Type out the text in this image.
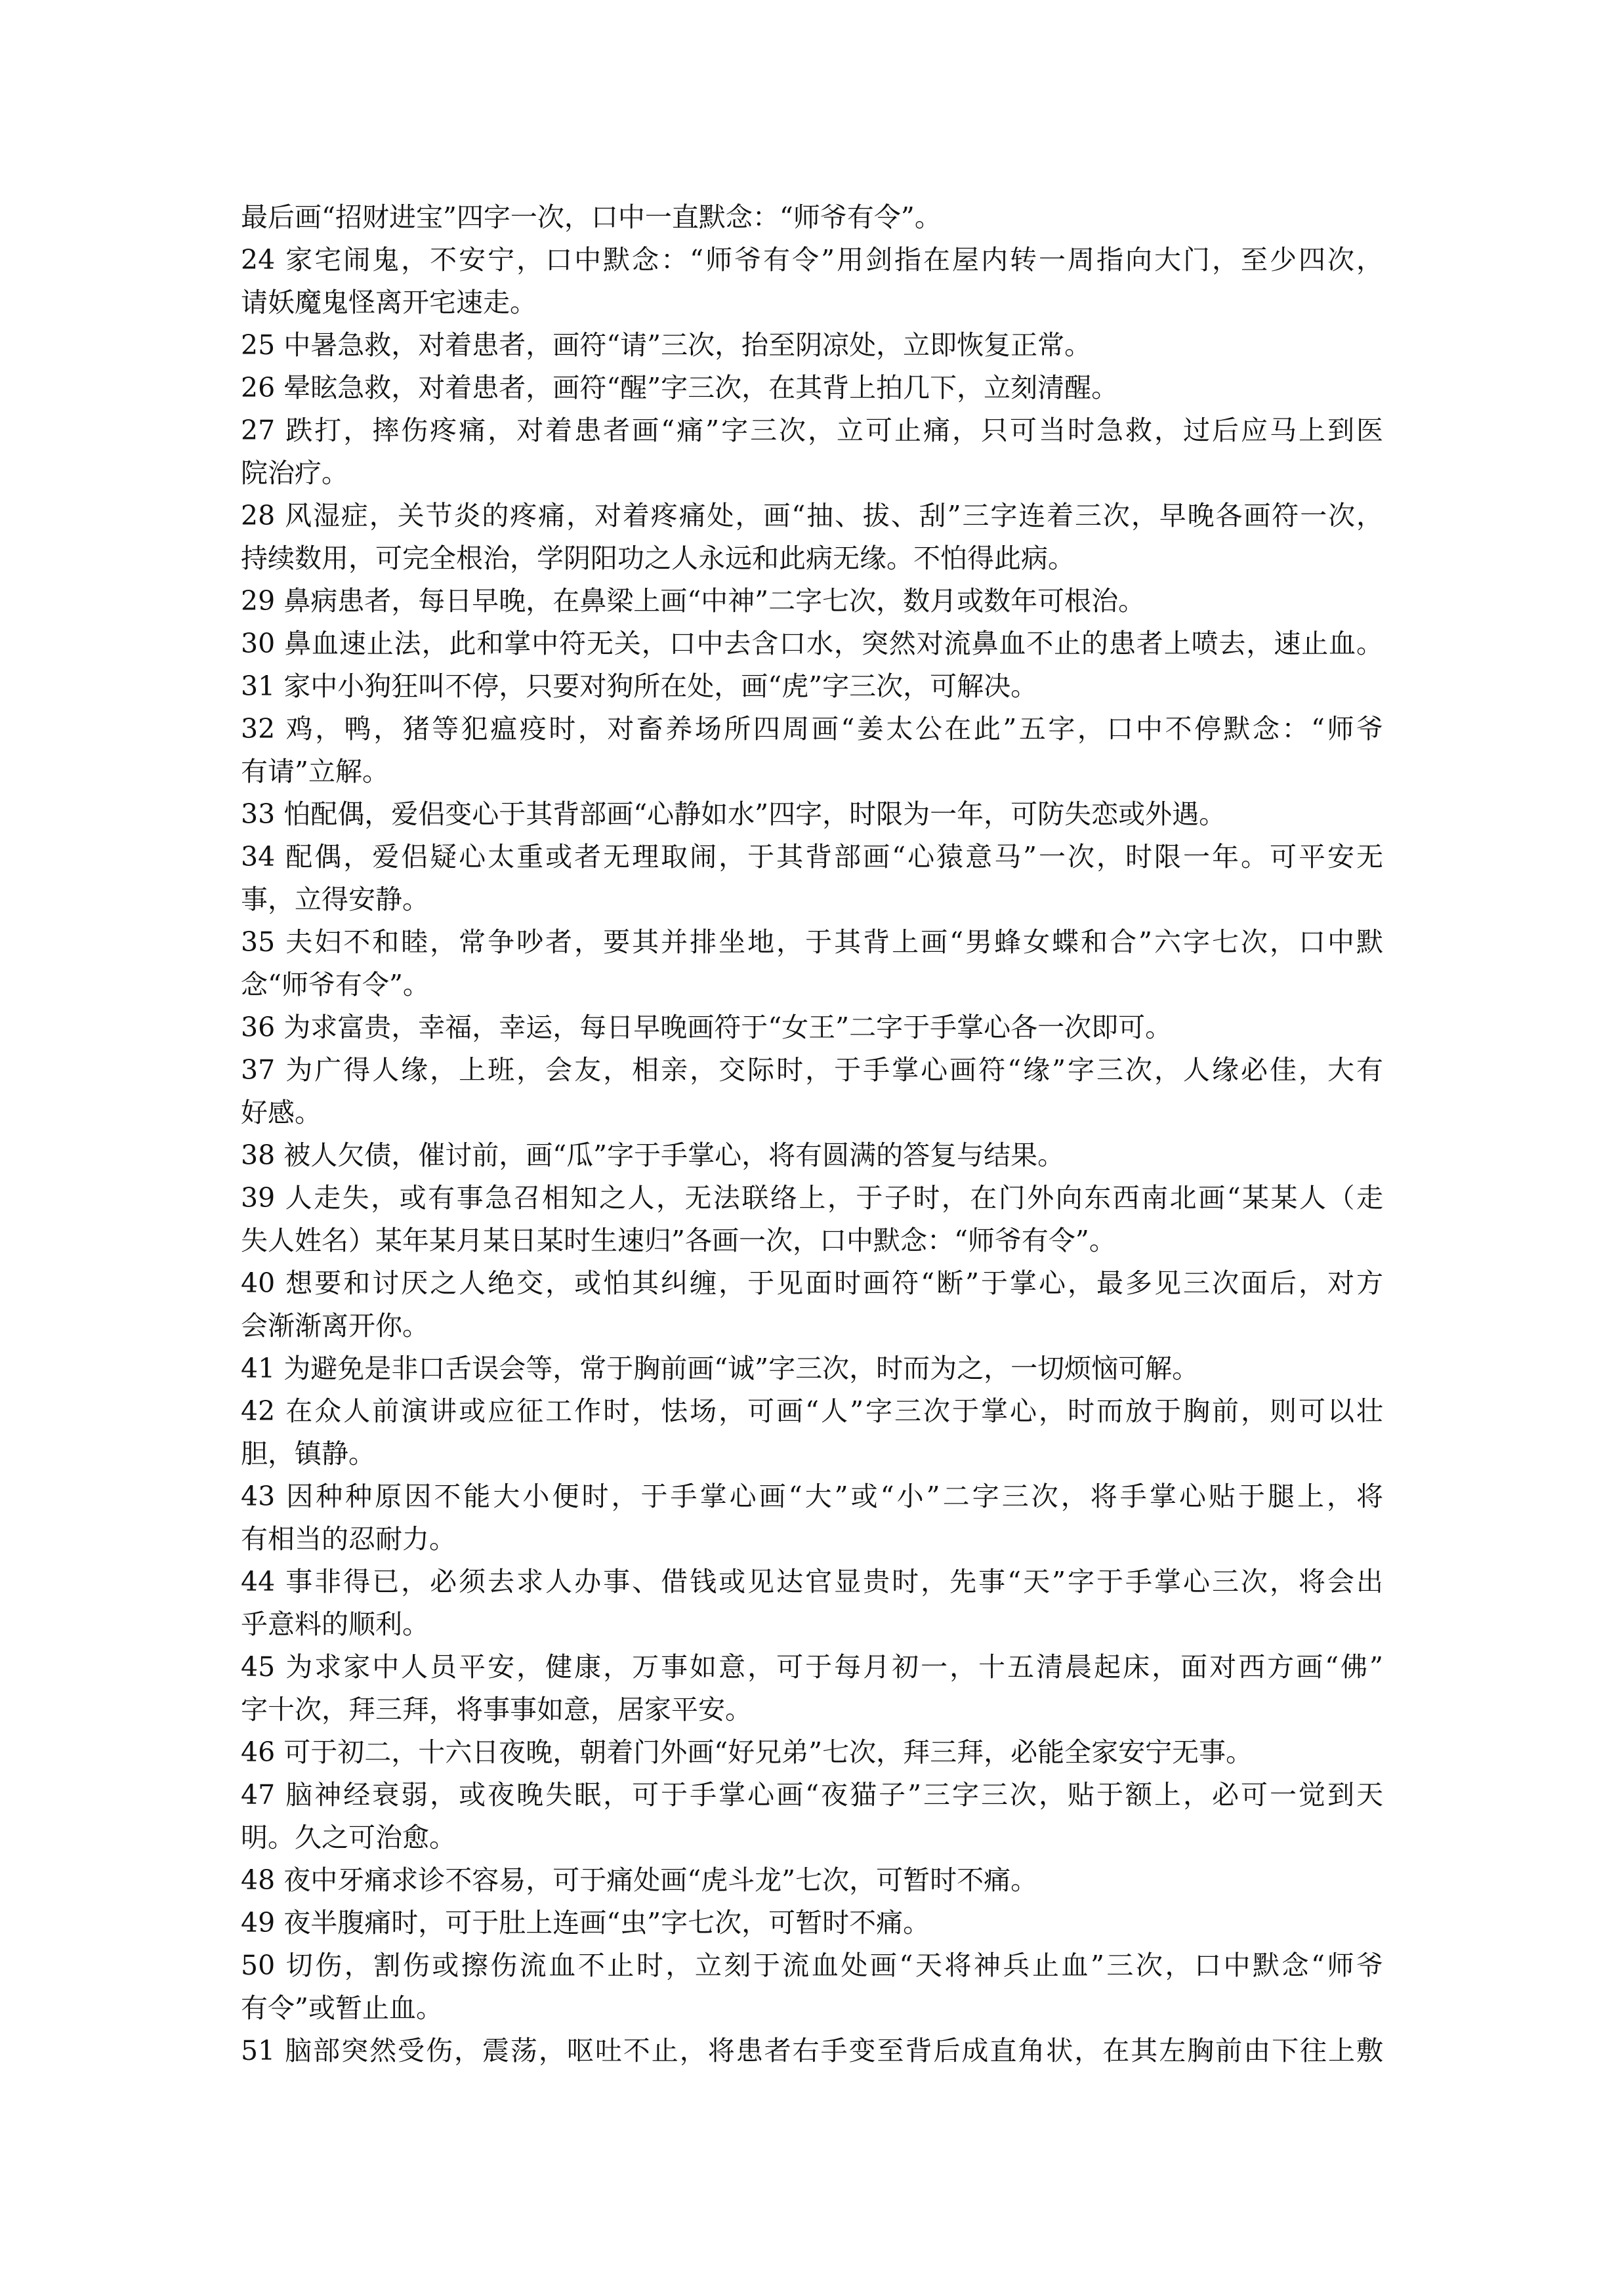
最后画“招财进宝”四字一次，口中一直默念：“师爷有令”。
24 家宅闹鬼，不安宁，口中默念：“师爷有令”用剑指在屋内转一周指向大门，至少四次，
请妖魔鬼怪离开宅速走。
25 中暑急救，对着患者，画符“请”三次，抬至阴凉处，立即恢复正常。
26 晕眩急救，对着患者，画符“醒”字三次，在其背上拍几下，立刻清醒。
27 跌打，摔伤疼痛，对着患者画“痛”字三次，立可止痛，只可当时急救，过后应马上到医
院治疗。
28 风湿症，关节炎的疼痛，对着疼痛处，画“抽、拔、刮”三字连着三次，早晚各画符一次，
持续数用，可完全根治，学阴阳功之人永远和此病无缘。不怕得此病。
29 鼻病患者，每日早晚，在鼻梁上画“中神”二字七次，数月或数年可根治。
30 鼻血速止法，此和掌中符无关，口中去含口水，突然对流鼻血不止的患者上喷去，速止血。
31 家中小狗狂叫不停，只要对狗所在处，画“虎”字三次，可解决。
32 鸡，鸭，猪等犯瘟疫时，对畜养场所四周画“姜太公在此”五字，口中不停默念：“师爷
有请”立解。
33 怕配偶，爱侣变心于其背部画“心静如水”四字，时限为一年，可防失恋或外遇。
34 配偶，爱侣疑心太重或者无理取闹，于其背部画“心猿意马”一次，时限一年。可平安无
事，立得安静。
35 夫妇不和睦，常争吵者，要其并排坐地，于其背上画“男蜂女蝶和合”六字七次，口中默
念“师爷有令”。
36 为求富贵，幸福，幸运，每日早晚画符于“女王”二字于手掌心各一次即可。
37 为广得人缘，上班，会友，相亲，交际时，于手掌心画符“缘”字三次，人缘必佳，大有
好感。
38 被人欠债，催讨前，画“瓜”字于手掌心，将有圆满的答复与结果。
39 人走失，或有事急召相知之人，无法联络上，于子时，在门外向东西南北画“某某人（走
失人姓名）某年某月某日某时生速归”各画一次，口中默念：“师爷有令”。
40 想要和讨厌之人绝交，或怕其纠缠，于见面时画符“断”于掌心，最多见三次面后，对方
会渐渐离开你。
41 为避免是非口舌误会等，常于胸前画“诚”字三次，时而为之，一切烦恼可解。
42 在众人前演讲或应征工作时，怯场，可画“人”字三次于掌心，时而放于胸前，则可以壮
胆，镇静。
43 因种种原因不能大小便时，于手掌心画“大”或“小”二字三次，将手掌心贴于腿上，将
有相当的忍耐力。
44 事非得已，必须去求人办事、借钱或见达官显贵时，先事“天”字于手掌心三次，将会出
乎意料的顺利。
45 为求家中人员平安，健康，万事如意，可于每月初一，十五清晨起床，面对西方画“佛”
字十次，拜三拜，将事事如意，居家平安。
46 可于初二，十六日夜晚，朝着门外画“好兄弟”七次，拜三拜，必能全家安宁无事。
47 脑神经衰弱，或夜晚失眠，可于手掌心画“夜猫子”三字三次，贴于额上，必可一觉到天
明。久之可治愈。
48 夜中牙痛求诊不容易，可于痛处画“虎斗龙”七次，可暂时不痛。
49 夜半腹痛时，可于肚上连画“虫”字七次，可暂时不痛。
50 切伤，割伤或擦伤流血不止时，立刻于流血处画“天将神兵止血”三次，口中默念“师爷
有令”或暂止血。
51 脑部突然受伤，震荡，呕吐不止，将患者右手变至背后成直角状，在其左胸前由下往上敷
